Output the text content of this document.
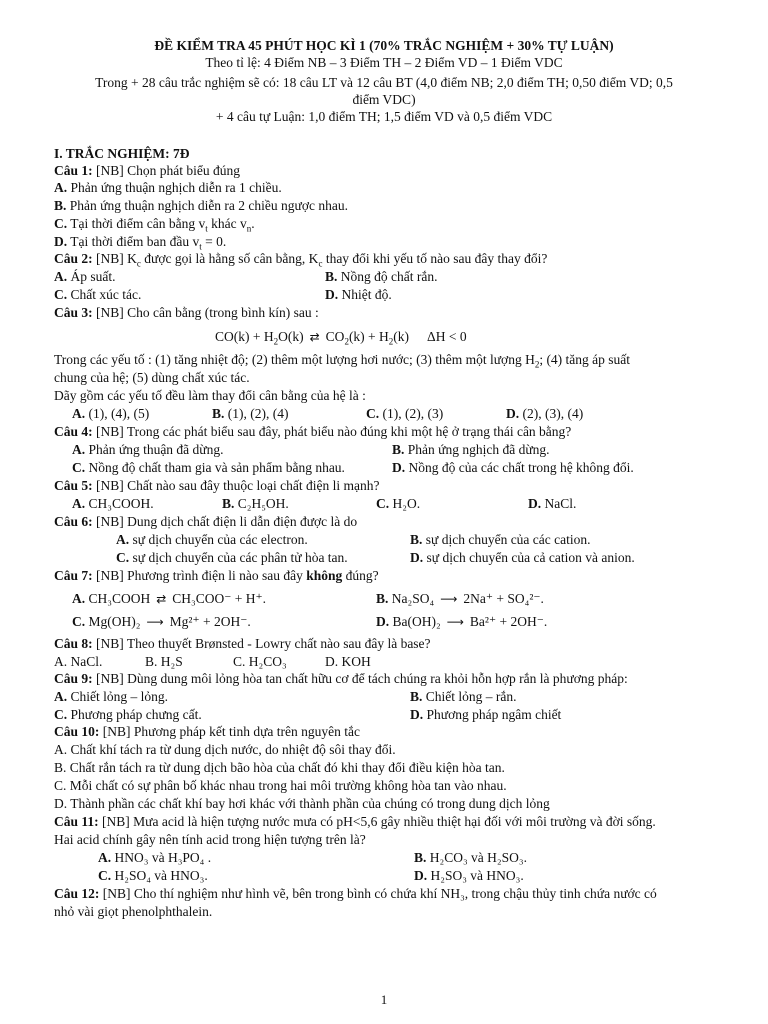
ĐỀ KIỂM TRA 45 PHÚT HỌC KÌ 1 (70% TRẮC NGHIỆM + 30% TỰ LUẬN)
Theo tỉ lệ: 4 Điểm NB – 3 Điểm TH – 2 Điểm VD – 1 Điểm VDC
Trong + 28 câu trắc nghiệm sẽ có: 18 câu LT và 12 câu BT (4,0 điểm NB; 2,0 điểm TH; 0,50 điểm VD; 0,5
điểm VDC)
+ 4 câu tự Luận: 1,0 điểm TH; 1,5 điểm VD và 0,5 điểm VDC
I. TRẮC NGHIỆM: 7Đ
Câu 1: [NB] Chọn phát biểu đúng
A. Phản ứng thuận nghịch diễn ra 1 chiều.
B. Phản ứng thuận nghịch diễn ra 2 chiều ngược nhau.
C. Tại thời điểm cân bằng $v_t$ khác $v_n$.
D. Tại thời điểm ban đầu $v_t = 0$.
Câu 2: [NB] $K_c$ được gọi là hằng số cân bằng, $K_c$ thay đổi khi yếu tố nào sau đây thay đổi?
A. Áp suất.	B. Nồng độ chất rắn.
C. Chất xúc tác.	D. Nhiệt độ.
Câu 3: [NB] Cho cân bằng (trong bình kín) sau :
$CO(k) + H_2O(k)$ ⇄ $CO_2(k) + H_2(k) \Delta H < 0$
Trong các yếu tố : (1) tăng nhiệt độ; (2) thêm một lượng hơi nước; (3) thêm một lượng $H_2$; (4) tăng áp suất
chung của hệ; (5) dùng chất xúc tác.
Dãy gồm các yếu tố đều làm thay đổi cân bằng của hệ là :
A. (1), (4), (5)	B. (1), (2), (4)	C. (1), (2), (3)	D. (2), (3), (4)
Câu 4: [NB] Trong các phát biểu sau đây, phát biểu nào đúng khi một hệ ở trạng thái cân bằng?
A. Phản ứng thuận đã dừng.	B. Phản ứng nghịch đã dừng.
C. Nồng độ chất tham gia và sản phẩm bằng nhau.	D. Nồng độ của các chất trong hệ không đổi.
Câu 5: [NB] Chất nào sau đây thuộc loại chất điện li mạnh?
A. CH₃COOH.	B. C₂H₅OH.	C. H₂O.	D. NaCl.
Câu 6: [NB] Dung dịch chất điện li dẫn điện được là do
A. sự dịch chuyển của các electron.	B. sự dịch chuyển của các cation.
C. sự dịch chuyển của các phân tử hòa tan.	D. sự dịch chuyển của cả cation và anion.
Câu 7: [NB] Phương trình điện li nào sau đây không đúng?
A. CH₃COOH ⇄ CH₃COO⁻ + H⁺.	B. Na₂SO₄ ⟶ 2Na⁺ + SO₄²⁻.
C. Mg(OH)₂ ⟶ Mg²⁺ + 2OH⁻.	D. Ba(OH)₂ ⟶ Ba²⁺ + 2OH⁻.
Câu 8: [NB] Theo thuyết Brønsted - Lowry chất nào sau đây là base?
A. NaCl.	B. H₂S	C. H₂CO₃	D. KOH
Câu 9: [NB] Dùng dung môi lỏng hòa tan chất hữu cơ để tách chúng ra khỏi hỗn hợp rắn là phương pháp:
A. Chiết lỏng – lỏng.	B. Chiết lỏng – rắn.
C. Phương pháp chưng cất.	D. Phương pháp ngâm chiết
Câu 10: [NB] Phương pháp kết tinh dựa trên nguyên tắc
A. Chất khí tách ra từ dung dịch nước, do nhiệt độ sôi thay đổi.
B. Chất rắn tách ra từ dung dịch bão hòa của chất đó khi thay đổi điều kiện hòa tan.
C. Mỗi chất có sự phân bố khác nhau trong hai môi trường không hòa tan vào nhau.
D. Thành phần các chất khí bay hơi khác với thành phần của chúng có trong dung dịch lỏng
Câu 11: [NB] Mưa acid là hiện tượng nước mưa có pH<5,6 gây nhiều thiệt hại đối với môi trường và đời sống.
Hai acid chính gây nên tính acid trong hiện tượng trên là?
A. HNO₃ và H₃PO₄ .	B. H₂CO₃ và H₂SO₃.
C. H₂SO₄ và HNO₃.	D. H₂SO₃ và HNO₃.
Câu 12: [NB] Cho thí nghiệm như hình vẽ, bên trong bình có chứa khí NH₃, trong chậu thủy tinh chứa nước có
nhỏ vài giọt phenolphthalein.
1
